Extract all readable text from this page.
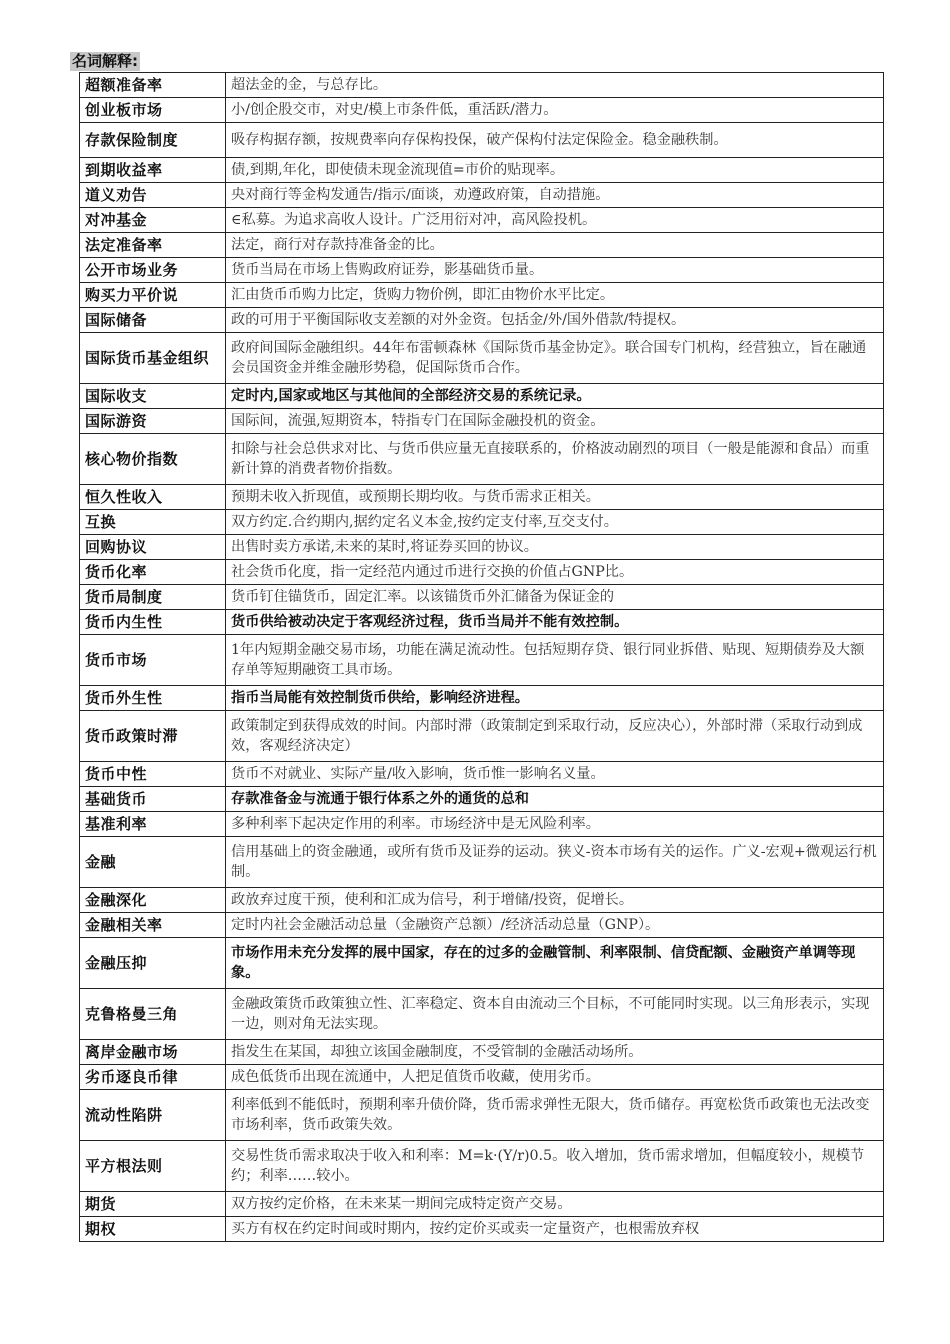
名词解释:
超额准备率	超法金的金，与总存比。
创业板市场	小/创企股交市，对史/模上市条件低，重活跃/潜力。
存款保险制度	吸存构据存额，按规费率向存保构投保，破产保构付法定保险金。稳金融秩制。
到期收益率	债,到期,年化，即使债未现金流现值=市价的贴现率。
道义劝告	央对商行等金构发通告/指示/面谈，劝遵政府策，自动措施。
对冲基金	∈私募。为追求高收人设计。广泛用衍对冲，高风险投机。
法定准备率	法定，商行对存款持准备金的比。
公开市场业务	货币当局在市场上售购政府证券，影基础货币量。
购买力平价说	汇由货币币购力比定，货购力物价例，即汇由物价水平比定。
国际储备	政的可用于平衡国际收支差额的对外金资。包括金/外/国外借款/特提权。
国际货币基金组织	政府间国际金融组织。44年布雷顿森林《国际货币基金协定》。联合国专门机构，经营独立，旨在融通会员国资金并维金融形势稳，促国际货币合作。
国际收支	定时内,国家或地区与其他间的全部经济交易的系统记录。
国际游资	国际间，流强,短期资本，特指专门在国际金融投机的资金。
核心物价指数	扣除与社会总供求对比、与货币供应量无直接联系的，价格波动剧烈的项目（一般是能源和食品）而重新计算的消费者物价指数。
恒久性收入	预期未收入折现值，或预期长期均收。与货币需求正相关。
互换	双方约定.合约期内,据约定名义本金,按约定支付率,互交支付。
回购协议	出售时卖方承诺,未来的某时,将证券买回的协议。
货币化率	社会货币化度，指一定经范内通过币进行交换的价值占GNP比。
货币局制度	货币钉住锚货币，固定汇率。以该锚货币外汇储备为保证金的
货币内生性	货币供给被动决定于客观经济过程，货币当局并不能有效控制。
货币市场	1年内短期金融交易市场，功能在满足流动性。包括短期存贷、银行同业拆借、贴现、短期债券及大额存单等短期融资工具市场。
货币外生性	指币当局能有效控制货币供给，影响经济进程。
货币政策时滞	政策制定到获得成效的时间。内部时滞（政策制定到采取行动，反应决心），外部时滞（采取行动到成效，客观经济决定）
货币中性	货币不对就业、实际产量/收入影响，货币惟一影响名义量。
基础货币	存款准备金与流通于银行体系之外的通货的总和
基准利率	多种利率下起决定作用的利率。市场经济中是无风险利率。
金融	信用基础上的资金融通，或所有货币及证券的运动。狭义-资本市场有关的运作。广义-宏观+微观运行机制。
金融深化	政放弃过度干预，使利和汇成为信号，利于增储/投资，促增长。
金融相关率	定时内社会金融活动总量（金融资产总额）/经济活动总量（GNP）。
金融压抑	市场作用未充分发挥的展中国家，存在的过多的金融管制、利率限制、信贷配额、金融资产单调等现象。
克鲁格曼三角	金融政策货币政策独立性、汇率稳定、资本自由流动三个目标，不可能同时实现。以三角形表示，实现一边，则对角无法实现。
离岸金融市场	指发生在某国，却独立该国金融制度，不受管制的金融活动场所。
劣币逐良币律	成色低货币出现在流通中，人把足值货币收藏，使用劣币。
流动性陷阱	利率低到不能低时，预期利率升债价降，货币需求弹性无限大，货币储存。再宽松货币政策也无法改变市场利率，货币政策失效。
平方根法则	交易性货币需求取决于收入和利率：M=k·(Y/r)0.5。收入增加，货币需求增加，但幅度较小，规模节约；利率……较小。
期货	双方按约定价格，在未来某一期间完成特定资产交易。
期权	买方有权在约定时间或时期内，按约定价买或卖一定量资产，也根需放弃权
